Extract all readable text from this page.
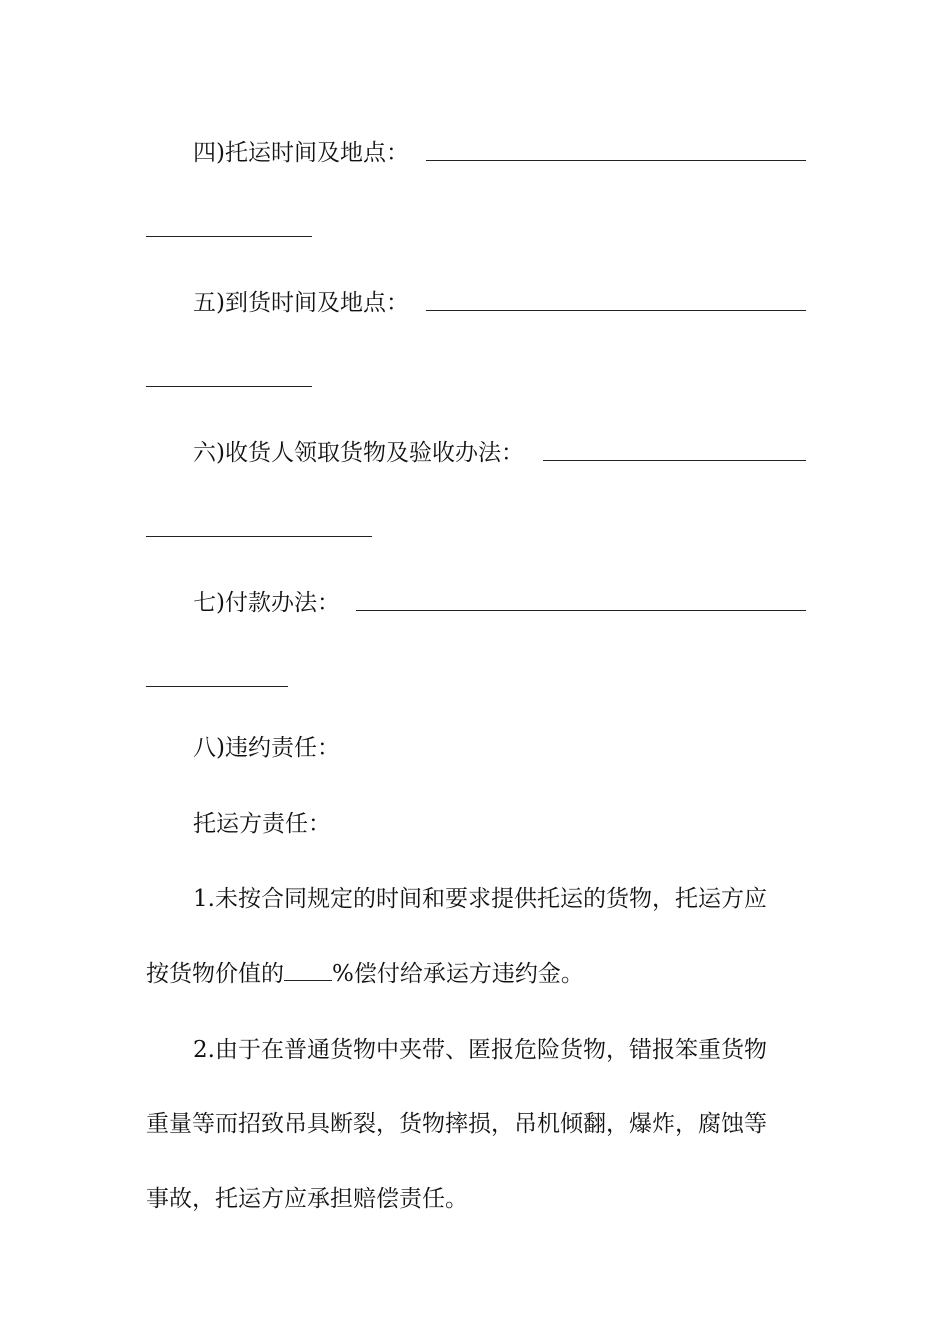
四)托运时间及地点：
五)到货时间及地点：
六)收货人领取货物及验收办法：
七)付款办法：
八)违约责任：
托运方责任：
1.未按合同规定的时间和要求提供托运的货物，托运方应
按货物价值的 %偿付给承运方违约金。
2.由于在普通货物中夹带、匿报危险货物，错报笨重货物
重量等而招致吊具断裂，货物摔损，吊机倾翻，爆炸，腐蚀等
事故，托运方应承担赔偿责任。
